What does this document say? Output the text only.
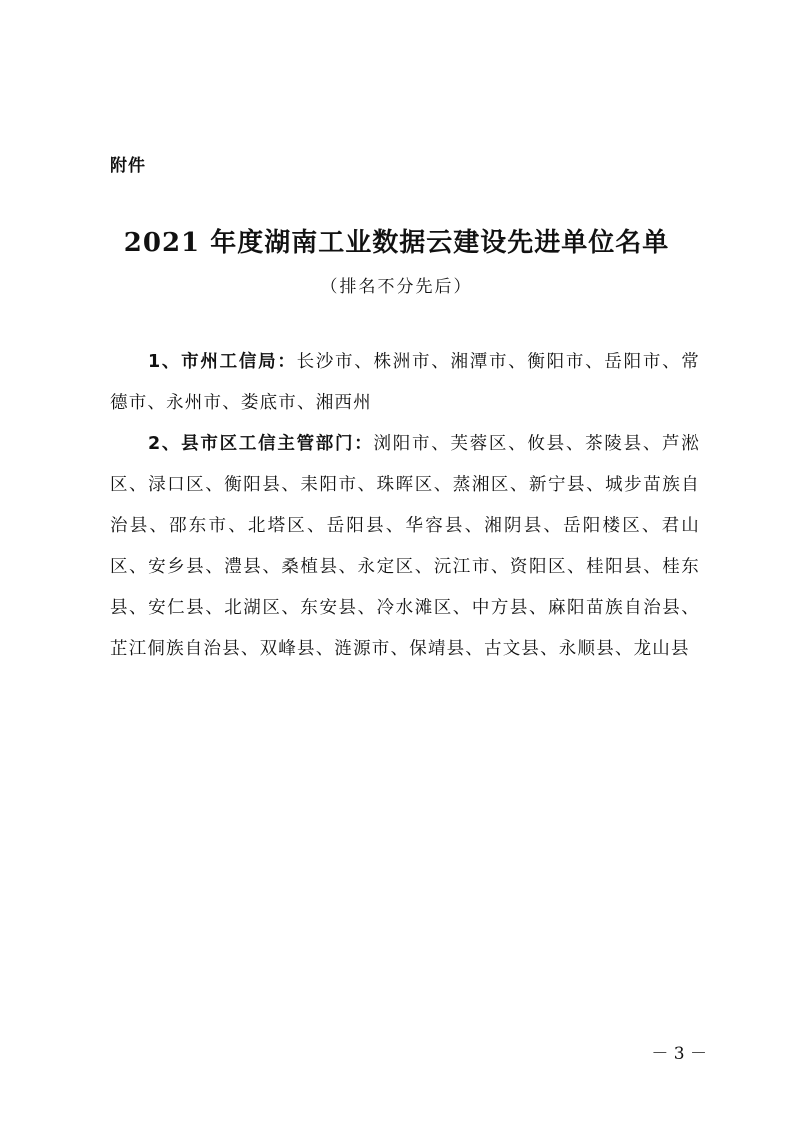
附件
2021 年度湖南工业数据云建设先进单位名单
（排名不分先后）
1、市州工信局：长沙市、株洲市、湘潭市、衡阳市、岳阳市、常德市、永州市、娄底市、湘西州
2、县市区工信主管部门：浏阳市、芙蓉区、攸县、茶陵县、芦淞区、渌口区、衡阳县、耒阳市、珠晖区、蒸湘区、新宁县、城步苗族自治县、邵东市、北塔区、岳阳县、华容县、湘阴县、岳阳楼区、君山区、安乡县、澧县、桑植县、永定区、沅江市、资阳区、桂阳县、桂东县、安仁县、北湖区、东安县、冷水滩区、中方县、麻阳苗族自治县、芷江侗族自治县、双峰县、涟源市、保靖县、古文县、永顺县、龙山县
－ 3 －
